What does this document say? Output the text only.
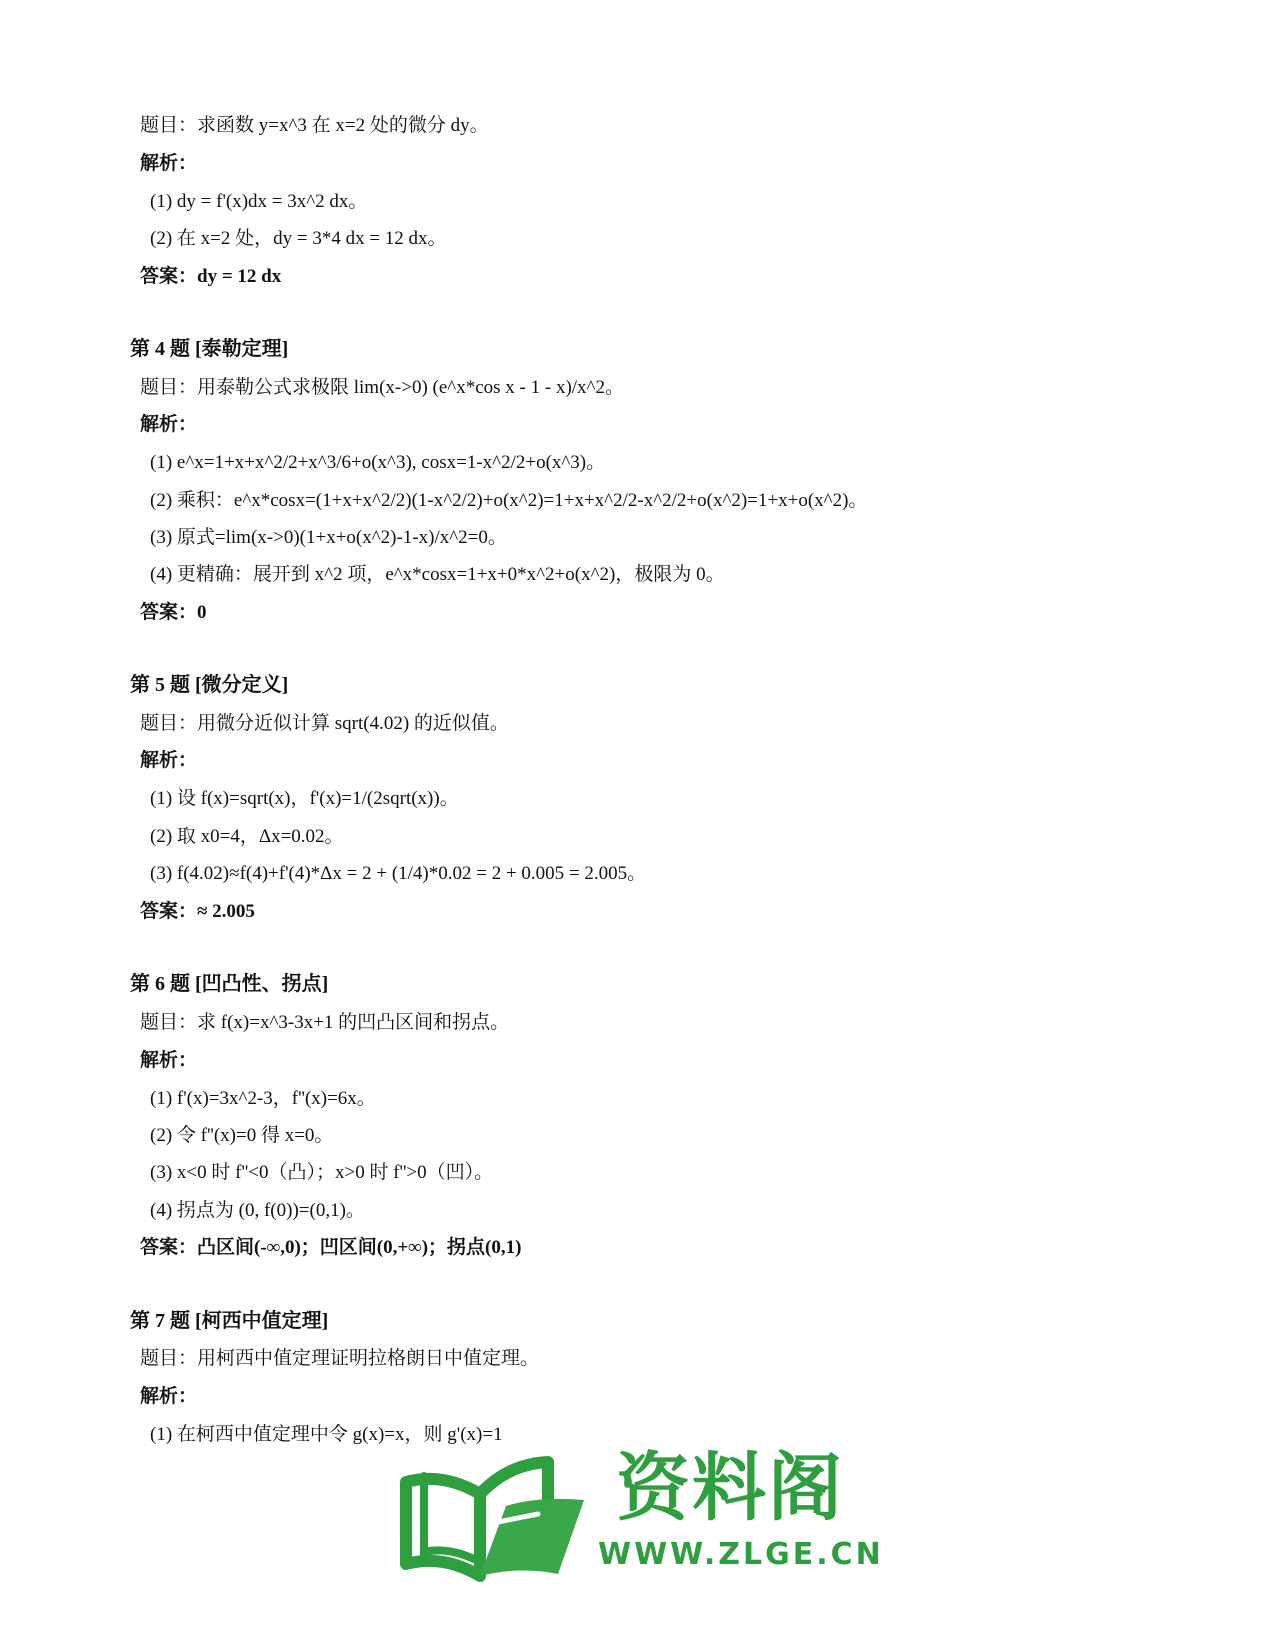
题目：求函数 y=x^3 在 x=2 处的微分 dy。
解析：
(1) dy = f'(x)dx = 3x^2 dx。
(2) 在 x=2 处，dy = 3*4 dx = 12 dx。
答案：dy = 12 dx
第 4 题 [泰勒定理]
题目：用泰勒公式求极限 lim(x->0) (e^x*cos x - 1 - x)/x^2。
解析：
(1) e^x=1+x+x^2/2+x^3/6+o(x^3), cosx=1-x^2/2+o(x^3)。
(2) 乘积：e^x*cosx=(1+x+x^2/2)(1-x^2/2)+o(x^2)=1+x+x^2/2-x^2/2+o(x^2)=1+x+o(x^2)。
(3) 原式=lim(x->0)(1+x+o(x^2)-1-x)/x^2=0。
(4) 更精确：展开到 x^2 项，e^x*cosx=1+x+0*x^2+o(x^2)，极限为 0。
答案：0
第 5 题 [微分定义]
题目：用微分近似计算 sqrt(4.02) 的近似值。
解析：
(1) 设 f(x)=sqrt(x)，f'(x)=1/(2sqrt(x))。
(2) 取 x0=4，Δx=0.02。
(3) f(4.02)≈f(4)+f'(4)*Δx = 2 + (1/4)*0.02 = 2 + 0.005 = 2.005。
答案：≈ 2.005
第 6 题 [凹凸性、拐点]
题目：求 f(x)=x^3-3x+1 的凹凸区间和拐点。
解析：
(1) f'(x)=3x^2-3，f''(x)=6x。
(2) 令 f''(x)=0 得 x=0。
(3) x<0 时 f''<0（凸）；x>0 时 f''>0（凹）。
(4) 拐点为 (0, f(0))=(0,1)。
答案：凸区间(-∞,0)；凹区间(0,+∞)；拐点(0,1)
第 7 题 [柯西中值定理]
题目：用柯西中值定理证明拉格朗日中值定理。
解析：
(1) 在柯西中值定理中令 g(x)=x，则 g'(x)=1
资料阁
WWW.ZLGE.CN
